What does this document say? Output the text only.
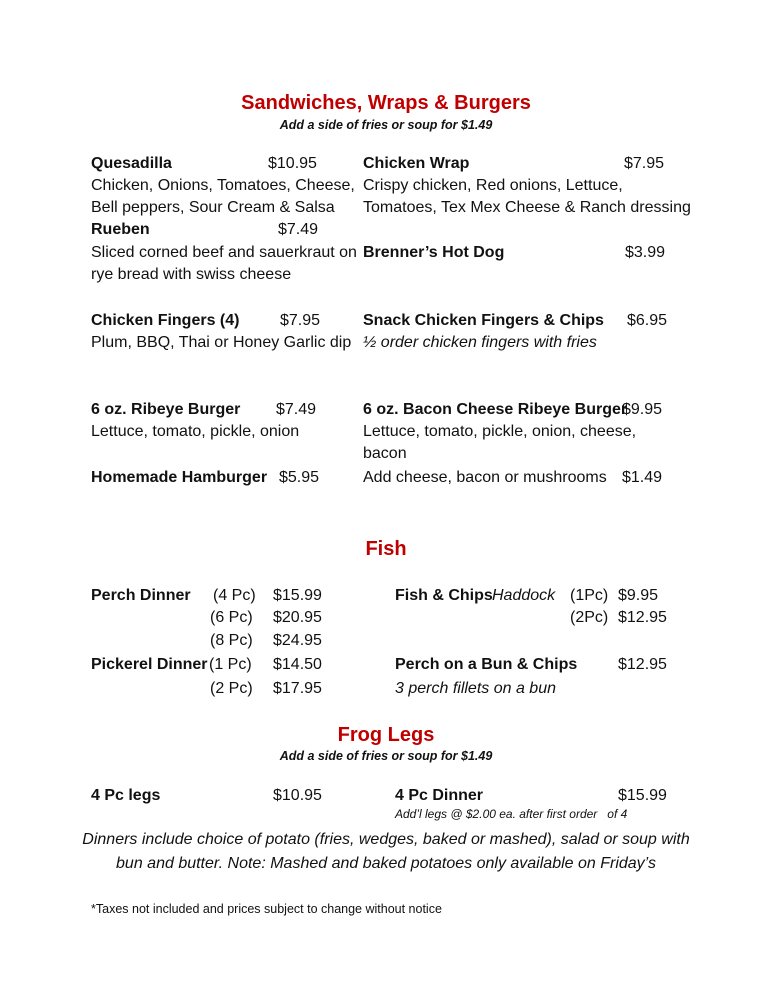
Sandwiches, Wraps & Burgers
Add a side of fries or soup for $1.49
Quesadilla	$10.95
Chicken, Onions, Tomatoes, Cheese,
Bell peppers, Sour Cream & Salsa
Chicken Wrap	$7.95
Crispy chicken, Red onions, Lettuce,
Tomatoes, Tex Mex Cheese & Ranch dressing
Rueben	$7.49
Sliced corned beef and sauerkraut on
rye bread with swiss cheese
Brenner’s Hot Dog	$3.99
Chicken Fingers (4)	$7.95
Plum, BBQ, Thai or Honey Garlic dip
Snack Chicken Fingers & Chips $6.95
½ order chicken fingers with fries
6 oz. Ribeye Burger $7.49
Lettuce, tomato, pickle, onion
6 oz. Bacon Cheese Ribeye Burger
$9.95
Lettuce, tomato, pickle, onion, cheese,
bacon
Homemade Hamburger $5.95	Add cheese, bacon or mushrooms $1.49
Fish
Perch Dinner (4 Pc) $15.99
(6 Pc) $20.95
(8 Pc) $24.95
Pickerel Dinner (1 Pc) $14.50
(2 Pc) $17.95
Fish & Chips Haddock (1Pc) $9.95
(2Pc) $12.95
Perch on a Bun & Chips	$12.95
3 perch fillets on a bun
Frog Legs
Add a side of fries or soup for $1.49
4 Pc legs	$10.95	4 Pc Dinner	$15.99
Add’l legs @ $2.00 ea. after first order   of 4
Dinners include choice of potato (fries, wedges, baked or mashed), salad or soup with bun and butter. Note: Mashed and baked potatoes only available on Friday’s
*Taxes not included and prices subject to change without notice
